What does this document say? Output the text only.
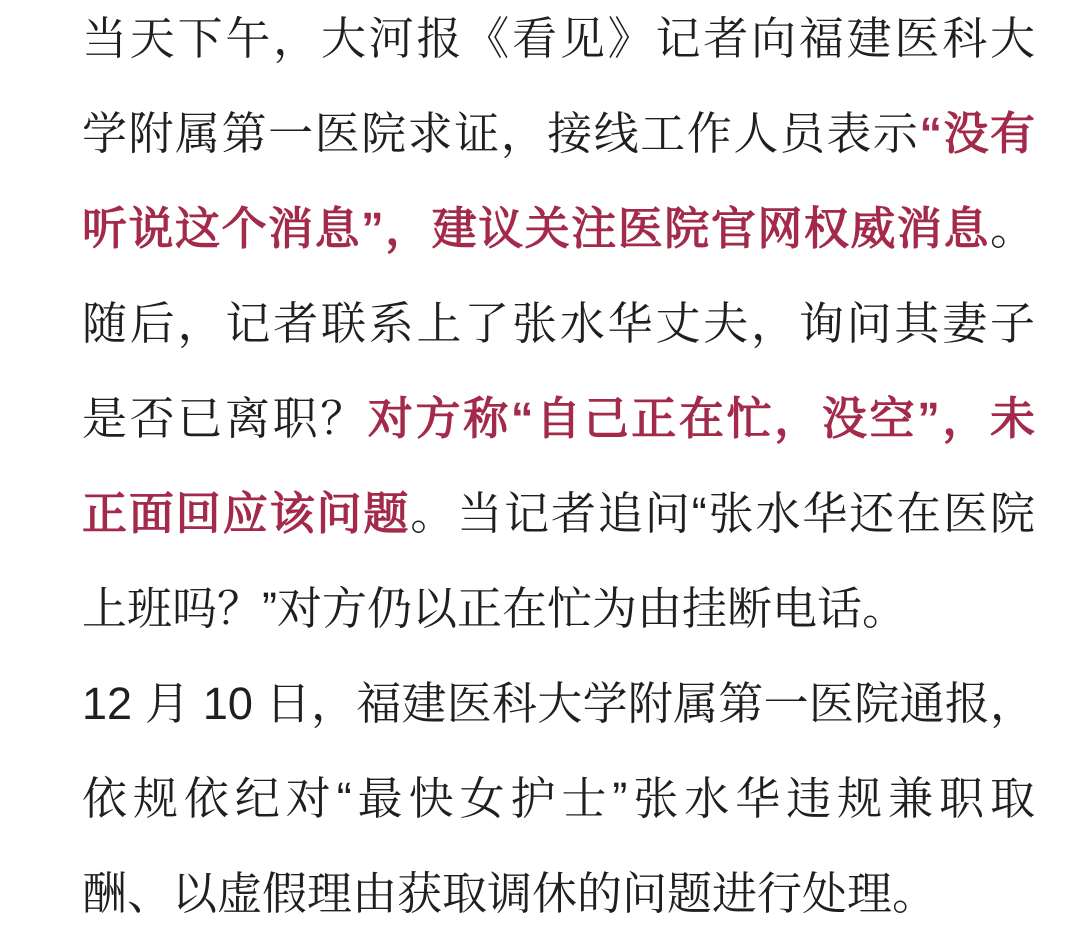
当天下午，大河报《看见》记者向福建医科大
学附属第一医院求证，接线工作人员表示“没有
听说这个消息”，建议关注医院官网权威消息。
随后，记者联系上了张水华丈夫，询问其妻子
是否已离职？对方称“自己正在忙，没空”，未
正面回应该问题。当记者追问“张水华还在医院
上班吗？”对方仍以正在忙为由挂断电话。
12 月 10 日，福建医科大学附属第一医院通报，
依规依纪对“最快女护士”张水华违规兼职取
酬、以虚假理由获取调休的问题进行处理。
